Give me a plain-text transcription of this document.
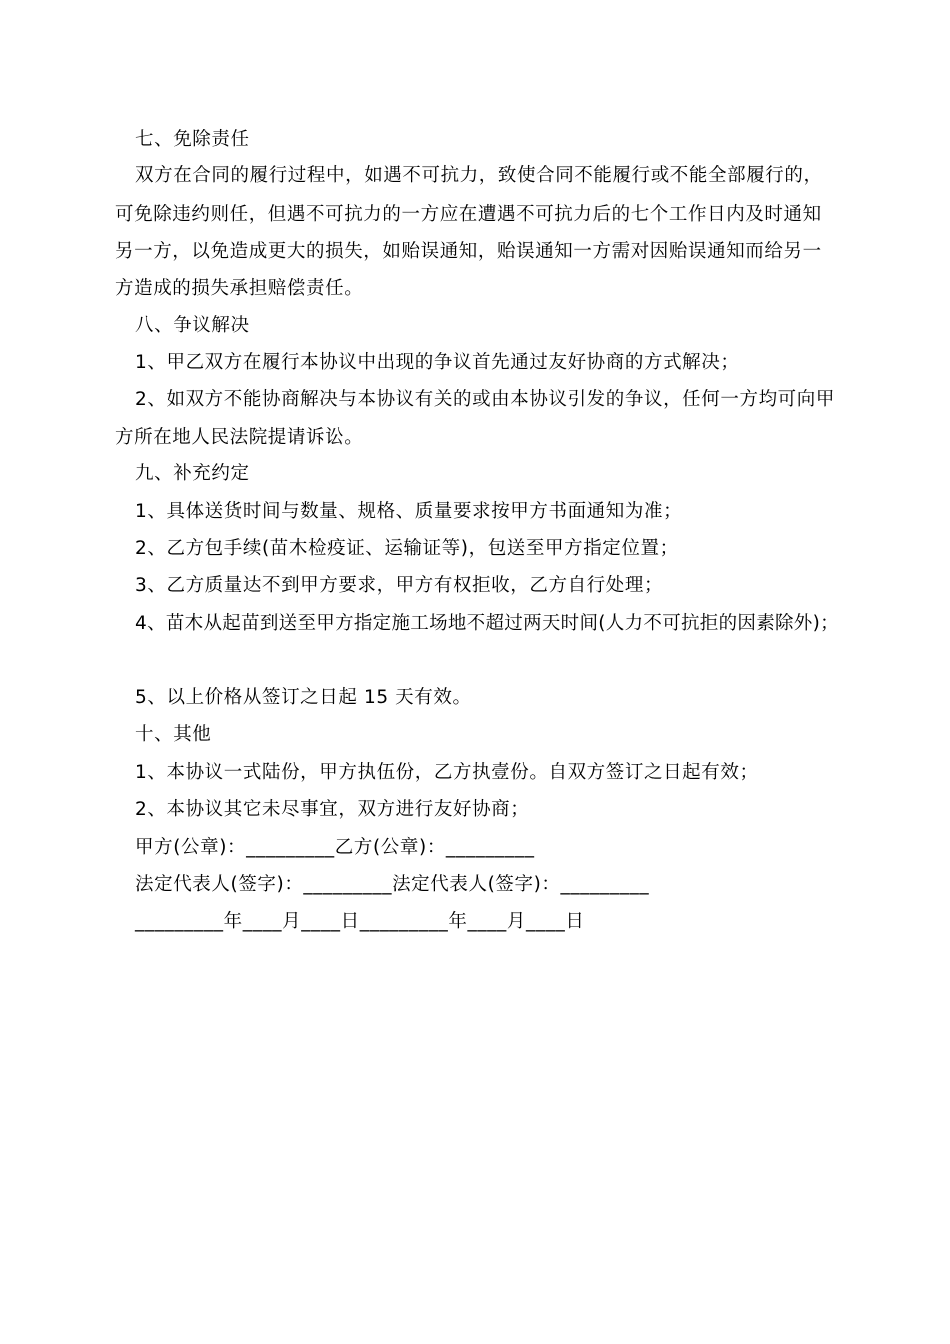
七、免除责任
双方在合同的履行过程中，如遇不可抗力，致使合同不能履行或不能全部履行的，
可免除违约则任，但遇不可抗力的一方应在遭遇不可抗力后的七个工作日内及时通知
另一方，以免造成更大的损失，如贻误通知，贻误通知一方需对因贻误通知而给另一
方造成的损失承担赔偿责任。
八、争议解决
1、甲乙双方在履行本协议中出现的争议首先通过友好协商的方式解决；
2、如双方不能协商解决与本协议有关的或由本协议引发的争议，任何一方均可向甲
方所在地人民法院提请诉讼。
九、补充约定
1、具体送货时间与数量、规格、质量要求按甲方书面通知为准；
2、乙方包手续(苗木检疫证、运输证等)，包送至甲方指定位置；
3、乙方质量达不到甲方要求，甲方有权拒收，乙方自行处理；
4、苗木从起苗到送至甲方指定施工场地不超过两天时间(人力不可抗拒的因素除外)；
5、以上价格从签订之日起 15 天有效。
十、其他
1、本协议一式陆份，甲方执伍份，乙方执壹份。自双方签订之日起有效；
2、本协议其它未尽事宜，双方进行友好协商；
甲方(公章)：_________乙方(公章)：_________
法定代表人(签字)：_________法定代表人(签字)：_________
_________年____月____日_________年____月____日
